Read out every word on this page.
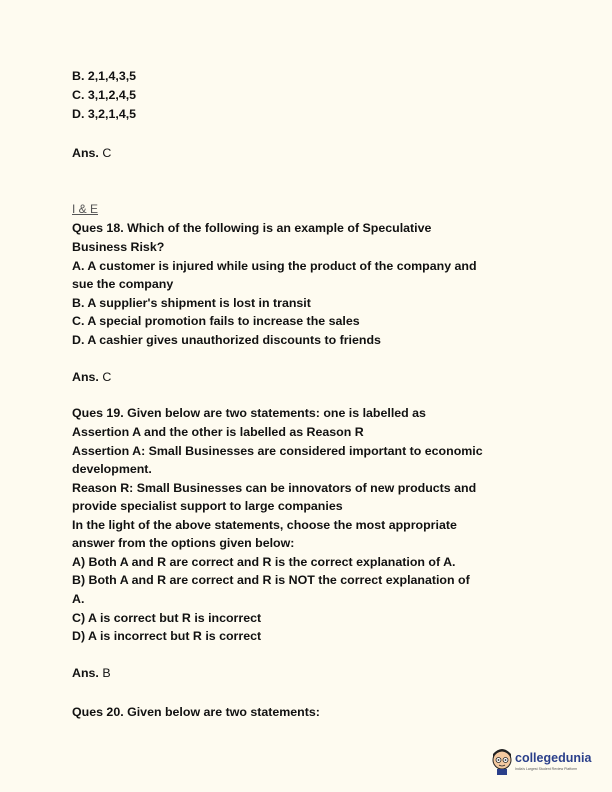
B. 2,1,4,3,5
C. 3,1,2,4,5
D. 3,2,1,4,5
Ans. C
I & E
Ques 18. Which of the following is an example of Speculative
Business Risk?
A. A customer is injured while using the product of the company and
sue the company
B. A supplier's shipment is lost in transit
C. A special promotion fails to increase the sales
D. A cashier gives unauthorized discounts to friends
Ans. C
Ques 19. Given below are two statements: one is labelled as
Assertion A and the other is labelled as Reason R
Assertion A: Small Businesses are considered important to economic
development.
Reason R: Small Businesses can be innovators of new products and
provide specialist support to large companies
In the light of the above statements, choose the most appropriate
answer from the options given below:
A) Both A and R are correct and R is the correct explanation of A.
B) Both A and R are correct and R is NOT the correct explanation of
A.
C) A is correct but R is incorrect
D) A is incorrect but R is correct
Ans. B
Ques 20. Given below are two statements:
collegedunia
India's Largest Student Review Platform
